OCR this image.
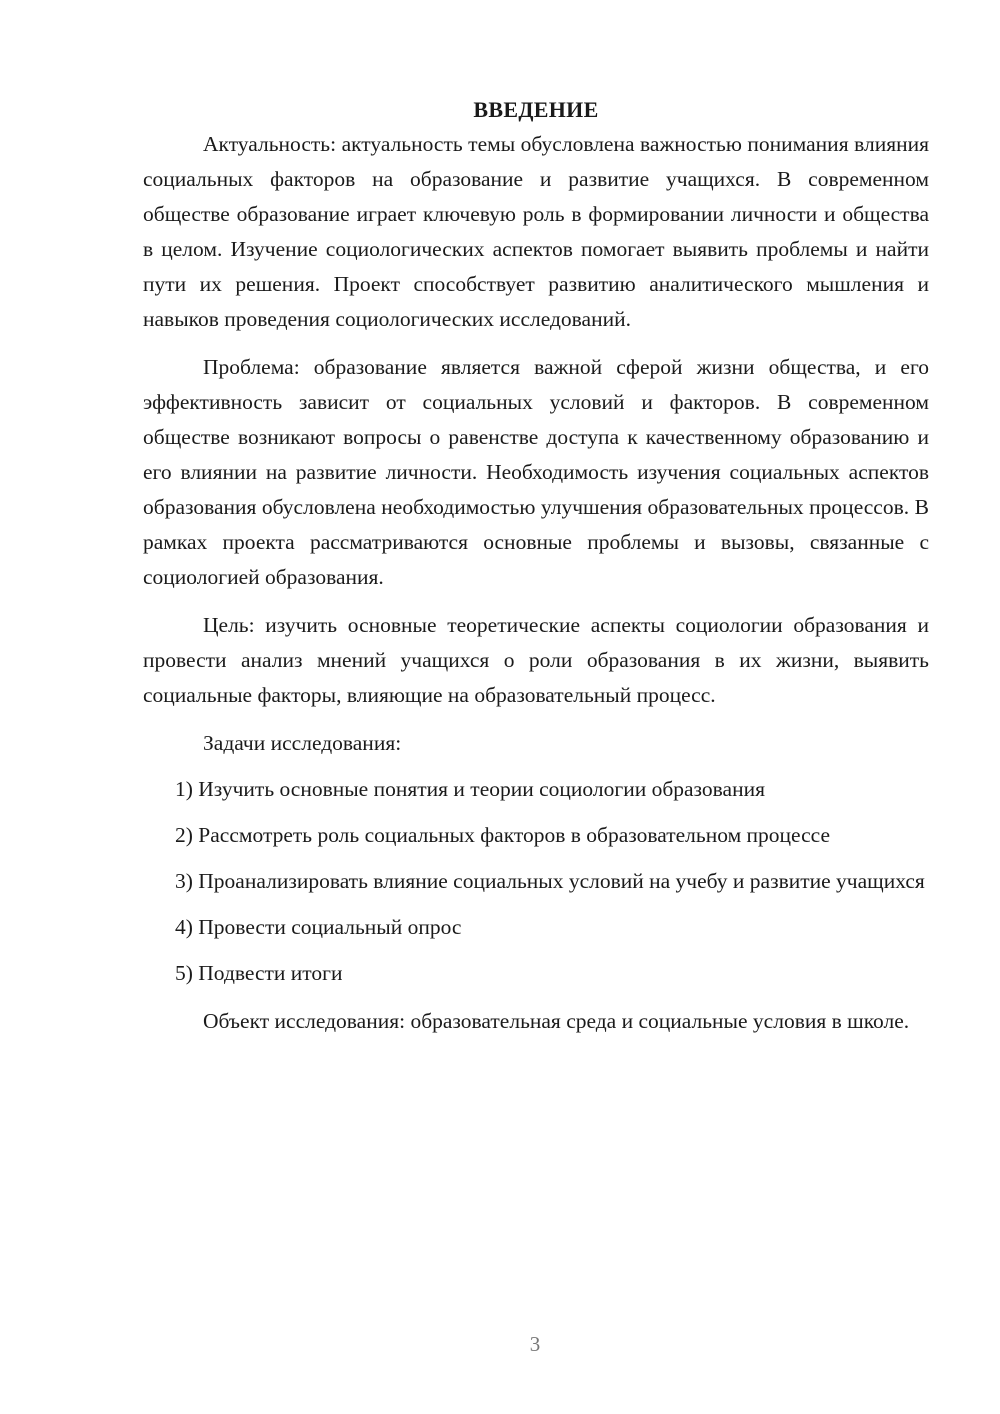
ВВЕДЕНИЕ

Актуальность: актуальность темы обусловлена важностью понимания влияния социальных факторов на образование и развитие учащихся. В современном обществе образование играет ключевую роль в формировании личности и общества в целом. Изучение социологических аспектов помогает выявить проблемы и найти пути их решения. Проект способствует развитию аналитического мышления и навыков проведения социологических исследований.

Проблема: образование является важной сферой жизни общества, и его эффективность зависит от социальных условий и факторов. В современном обществе возникают вопросы о равенстве доступа к качественному образованию и его влиянии на развитие личности. Необходимость изучения социальных аспектов образования обусловлена необходимостью улучшения образовательных процессов. В рамках проекта рассматриваются основные проблемы и вызовы, связанные с социологией образования.

Цель: изучить основные теоретические аспекты социологии образования и провести анализ мнений учащихся о роли образования в их жизни, выявить социальные факторы, влияющие на образовательный процесс.

Задачи исследования:

1) Изучить основные понятия и теории социологии образования

2) Рассмотреть роль социальных факторов в образовательном процессе

3) Проанализировать влияние социальных условий на учебу и развитие учащихся

4) Провести социальный опрос

5) Подвести итоги

Объект исследования: образовательная среда и социальные условия в школе.

3
